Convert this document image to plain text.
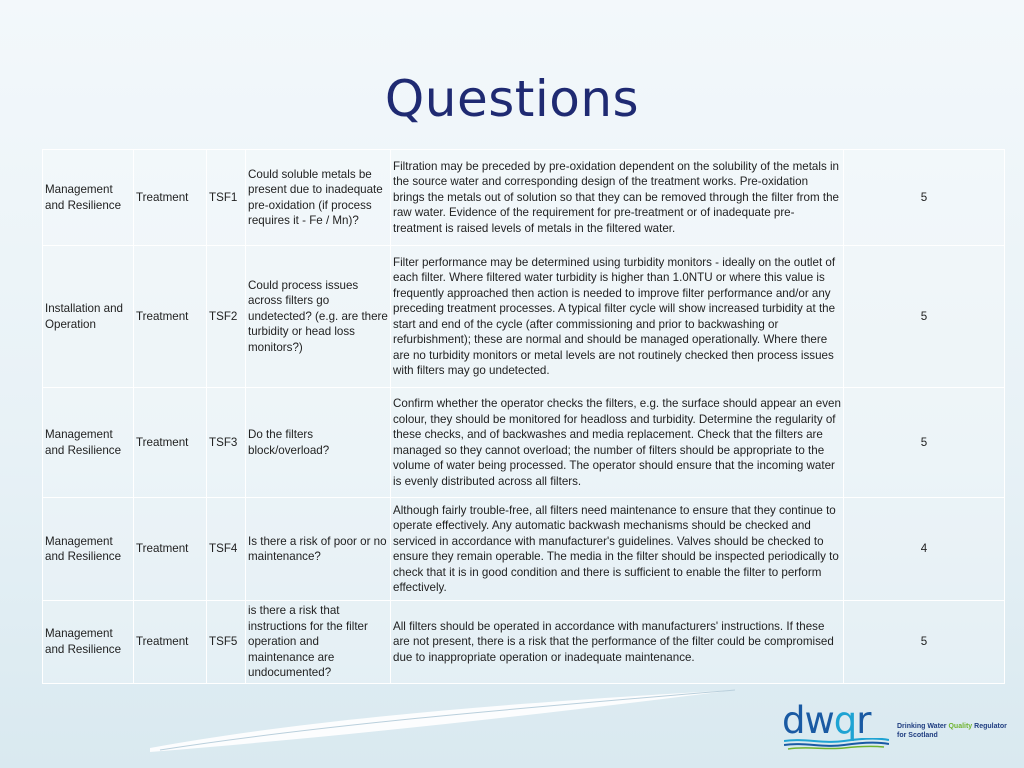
Questions
Management and Resilience	Treatment	TSF1	Could soluble metals be present due to inadequate pre-oxidation (if process requires it - Fe / Mn)?	Filtration may be preceded by pre-oxidation dependent on the solubility of the metals in the source water and corresponding design of the treatment works. Pre-oxidation brings the metals out of solution so that they can be removed through the filter from the raw water. Evidence of the requirement for pre-treatment or of inadequate pre-treatment is raised levels of metals in the filtered water.	5
Installation and Operation	Treatment	TSF2	Could process issues across filters go undetected? (e.g. are there turbidity or head loss monitors?)	Filter performance may be determined using turbidity monitors - ideally on the outlet of each filter. Where filtered water turbidity is higher than 1.0NTU or where this value is frequently approached then action is needed to improve filter performance and/or any preceding treatment processes. A typical filter cycle will show increased turbidity at the start and end of the cycle (after commissioning and prior to backwashing or refurbishment); these are normal and should be managed operationally. Where there are no turbidity monitors or metal levels are not routinely checked then process issues with filters may go undetected.	5
Management and Resilience	Treatment	TSF3	Do the filters block/overload?	Confirm whether the operator checks the filters, e.g. the surface should appear an even colour, they should be monitored for headloss and turbidity. Determine the regularity of these checks, and of backwashes and media replacement. Check that the filters are managed so they cannot overload; the number of filters should be appropriate to the volume of water being processed. The operator should ensure that the incoming water is evenly distributed across all filters.	5
Management and Resilience	Treatment	TSF4	Is there a risk of poor or no maintenance?	Although fairly trouble-free, all filters need maintenance to ensure that they continue to operate effectively. Any automatic backwash mechanisms should be checked and serviced in accordance with manufacturer's guidelines. Valves should be checked to ensure they remain operable. The media in the filter should be inspected periodically to check that it is in good condition and there is sufficient to enable the filter to perform effectively.	4
Management and Resilience	Treatment	TSF5	is there a risk that instructions for the filter operation and maintenance are undocumented?	All filters should be operated in accordance with manufacturers' instructions. If these are not present, there is a risk that the performance of the filter could be compromised due to inappropriate operation or inadequate maintenance.	5
dwqr	Drinking Water Quality Regulator
for Scotland
